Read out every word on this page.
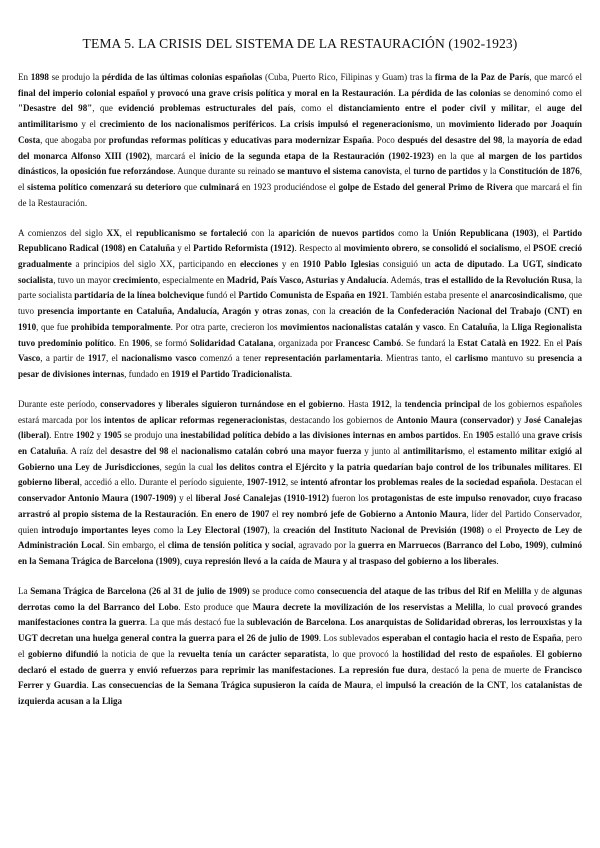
TEMA 5. LA CRISIS DEL SISTEMA DE LA RESTAURACIÓN (1902-1923)

En 1898 se produjo la pérdida de las últimas colonias españolas (Cuba, Puerto Rico, Filipinas y Guam) tras la firma de la Paz de París, que marcó el final del imperio colonial español y provocó una grave crisis política y moral en la Restauración. La pérdida de las colonias se denominó como el "Desastre del 98", que evidenció problemas estructurales del país, como el distanciamiento entre el poder civil y militar, el auge del antimilitarismo y el crecimiento de los nacionalismos periféricos. La crisis impulsó el regeneracionismo, un movimiento liderado por Joaquín Costa, que abogaba por profundas reformas políticas y educativas para modernizar España. Poco después del desastre del 98, la mayoría de edad del monarca Alfonso XIII (1902), marcará el inicio de la segunda etapa de la Restauración (1902-1923) en la que al margen de los partidos dinásticos, la oposición fue reforzándose. Aunque durante su reinado se mantuvo el sistema canovista, el turno de partidos y la Constitución de 1876, el sistema político comenzará su deterioro que culminará en 1923 produciéndose el golpe de Estado del general Primo de Rivera que marcará el fin de la Restauración.

A comienzos del siglo XX, el republicanismo se fortaleció con la aparición de nuevos partidos como la Unión Republicana (1903), el Partido Republicano Radical (1908) en Cataluña y el Partido Reformista (1912). Respecto al movimiento obrero, se consolidó el socialismo, el PSOE creció gradualmente a principios del siglo XX, participando en elecciones y en 1910 Pablo Iglesias consiguió un acta de diputado. La UGT, sindicato socialista, tuvo un mayor crecimiento, especialmente en Madrid, País Vasco, Asturias y Andalucía. Además, tras el estallido de la Revolución Rusa, la parte socialista partidaria de la línea bolchevique fundó el Partido Comunista de España en 1921. También estaba presente el anarcosindicalismo, que tuvo presencia importante en Cataluña, Andalucía, Aragón y otras zonas, con la creación de la Confederación Nacional del Trabajo (CNT) en 1910, que fue prohibida temporalmente. Por otra parte, crecieron los movimientos nacionalistas catalán y vasco. En Cataluña, la Lliga Regionalista tuvo predominio político. En 1906, se formó Solidaridad Catalana, organizada por Francesc Cambó. Se fundará la Estat Català en 1922. En el País Vasco, a partir de 1917, el nacionalismo vasco comenzó a tener representación parlamentaria. Mientras tanto, el carlismo mantuvo su presencia a pesar de divisiones internas, fundado en 1919 el Partido Tradicionalista.

Durante este período, conservadores y liberales siguieron turnándose en el gobierno. Hasta 1912, la tendencia principal de los gobiernos españoles estará marcada por los intentos de aplicar reformas regeneracionistas, destacando los gobiernos de Antonio Maura (conservador) y José Canalejas (liberal). Entre 1902 y 1905 se produjo una inestabilidad política debido a las divisiones internas en ambos partidos. En 1905 estalló una grave crisis en Cataluña. A raíz del desastre del 98 el nacionalismo catalán cobró una mayor fuerza y junto al antimilitarismo, el estamento militar exigió al Gobierno una Ley de Jurisdicciones, según la cual los delitos contra el Ejército y la patria quedarían bajo control de los tribunales militares. El gobierno liberal, accedió a ello. Durante el período siguiente, 1907-1912, se intentó afrontar los problemas reales de la sociedad española. Destacan el conservador Antonio Maura (1907-1909) y el liberal José Canalejas (1910-1912) fueron los protagonistas de este impulso renovador, cuyo fracaso arrastró al propio sistema de la Restauración. En enero de 1907 el rey nombró jefe de Gobierno a Antonio Maura, líder del Partido Conservador, quien introdujo importantes leyes como la Ley Electoral (1907), la creación del Instituto Nacional de Previsión (1908) o el Proyecto de Ley de Administración Local. Sin embargo, el clima de tensión política y social, agravado por la guerra en Marruecos (Barranco del Lobo, 1909), culminó en la Semana Trágica de Barcelona (1909), cuya represión llevó a la caída de Maura y al traspaso del gobierno a los liberales.

La Semana Trágica de Barcelona (26 al 31 de julio de 1909) se produce como consecuencia del ataque de las tribus del Rif en Melilla y de algunas derrotas como la del Barranco del Lobo. Esto produce que Maura decrete la movilización de los reservistas a Melilla, lo cual provocó grandes manifestaciones contra la guerra. La que más destacó fue la sublevación de Barcelona. Los anarquistas de Solidaridad obreras, los lerrouxistas y la UGT decretan una huelga general contra la guerra para el 26 de julio de 1909. Los sublevados esperaban el contagio hacia el resto de España, pero el gobierno difundió la noticia de que la revuelta tenía un carácter separatista, lo que provocó la hostilidad del resto de españoles. El gobierno declaró el estado de guerra y envió refuerzos para reprimir las manifestaciones. La represión fue dura, destacó la pena de muerte de Francisco Ferrer y Guardia. Las consecuencias de la Semana Trágica supusieron la caída de Maura, el impulsó la creación de la CNT, los catalanistas de izquierda acusan a la Lliga
